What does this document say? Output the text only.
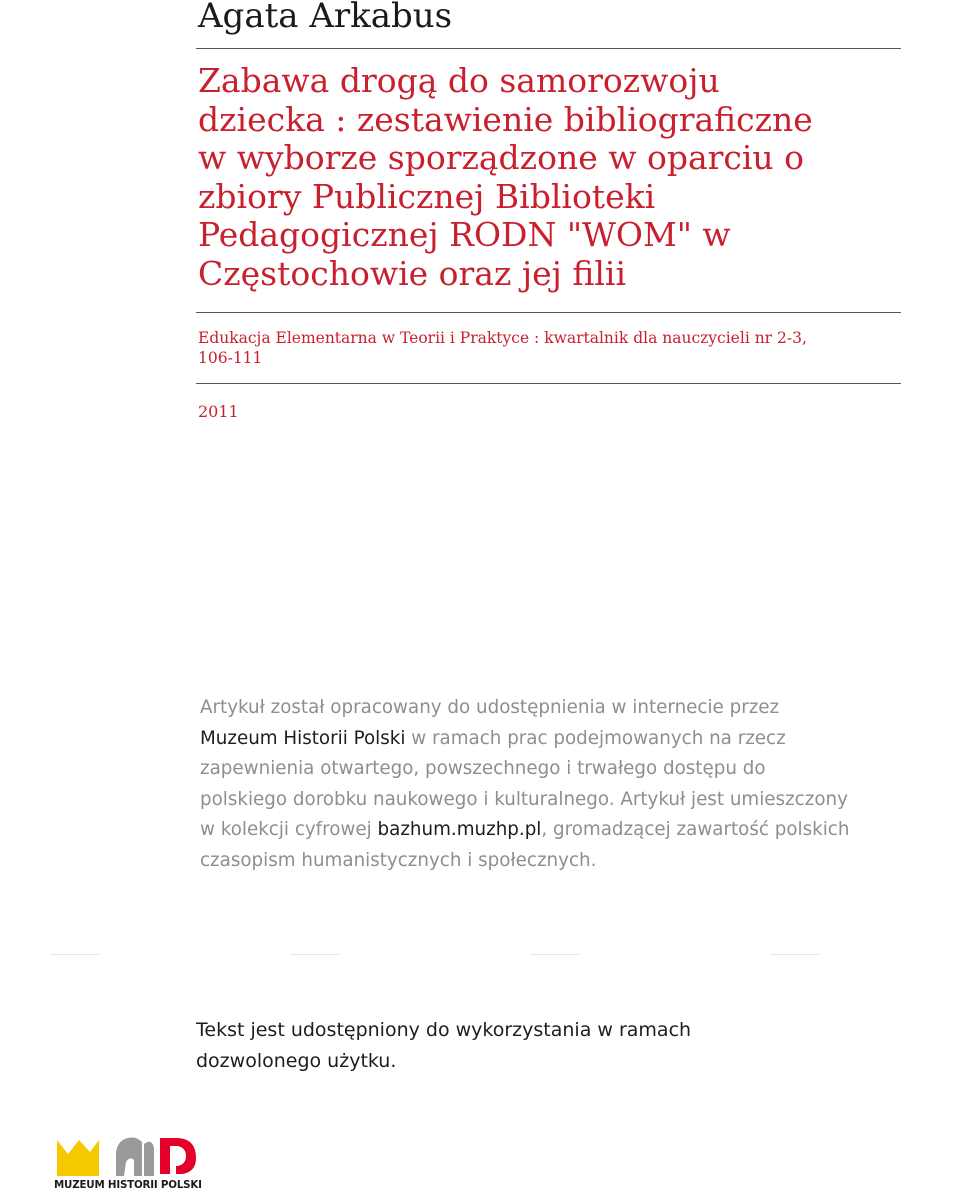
Agata Arkabus
Zabawa drogą do samorozwoju
dziecka : zestawienie bibliograficzne
w wyborze sporządzone w oparciu o
zbiory Publicznej Biblioteki
Pedagogicznej RODN "WOM" w
Częstochowie oraz jej filii
Edukacja Elementarna w Teorii i Praktyce : kwartalnik dla nauczycieli nr 2-3,
106-111
2011
Artykuł został opracowany do udostępnienia w internecie przez
Muzeum Historii Polski w ramach prac podejmowanych na rzecz
zapewnienia otwartego, powszechnego i trwałego dostępu do
polskiego dorobku naukowego i kulturalnego. Artykuł jest umieszczony
w kolekcji cyfrowej bazhum.muzhp.pl, gromadzącej zawartość polskich
czasopism humanistycznych i społecznych.
Tekst jest udostępniony do wykorzystania w ramach
dozwolonego użytku.
MUZEUM HISTORII POLSKI
